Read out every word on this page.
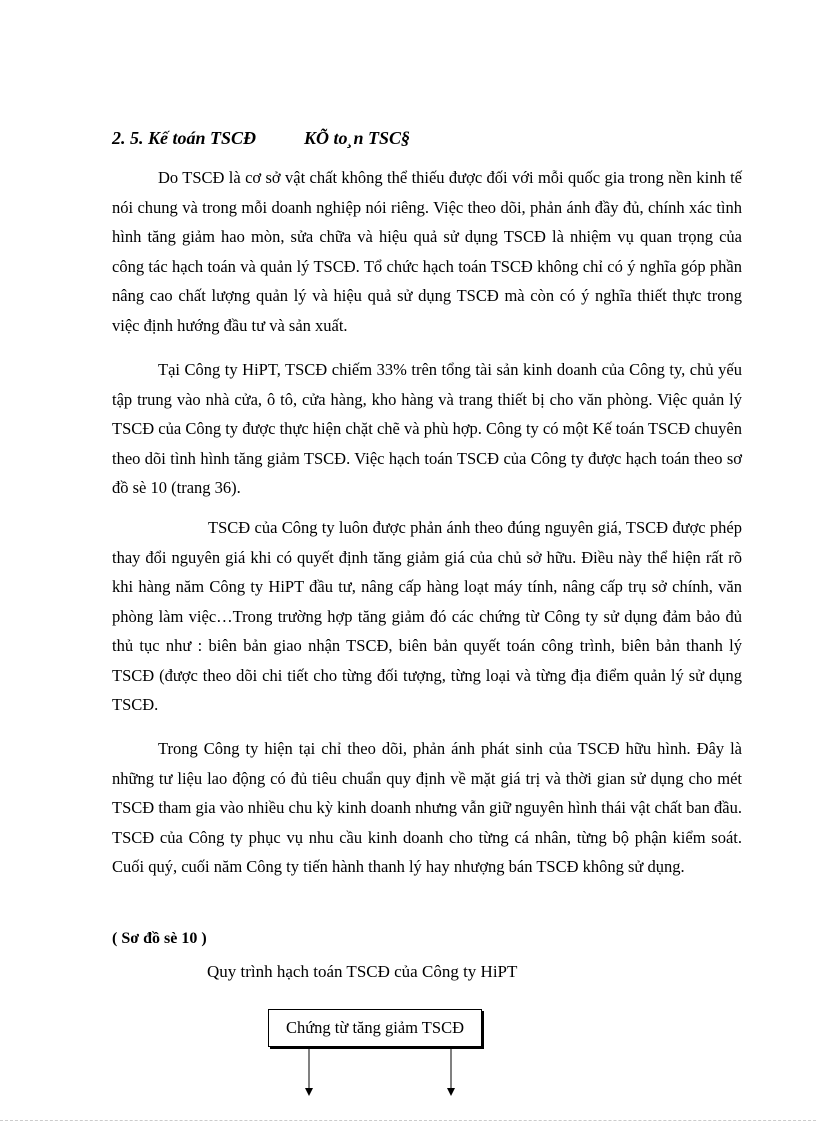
2. 5. Kế toán TSCĐ	KÕ to¸n TSC§

Do TSCĐ là cơ sở vật chất không thể thiếu được đối với mỗi quốc gia trong nền kinh tế nói chung và trong mỗi doanh nghiệp nói riêng. Việc theo dõi, phản ánh đầy đủ, chính xác tình hình tăng giảm hao mòn, sửa chữa và hiệu quả sử dụng TSCĐ là nhiệm vụ quan trọng của công tác hạch toán và quản lý TSCĐ. Tổ chức hạch toán TSCĐ không chỉ có ý nghĩa góp phần nâng cao chất lượng quản lý và hiệu quả sử dụng TSCĐ mà còn có ý nghĩa thiết thực trong việc định hướng đầu tư và sản xuất.

Tại Công ty HiPT, TSCĐ chiếm 33% trên tổng tài sản kinh doanh của Công ty, chủ yếu tập trung vào nhà cửa, ô tô, cửa hàng, kho hàng và trang thiết bị cho văn phòng. Việc quản lý TSCĐ của Công ty được thực hiện chặt chẽ và phù hợp. Công ty có một Kế toán TSCĐ chuyên theo dõi tình hình tăng giảm TSCĐ. Việc hạch toán TSCĐ của Công ty được hạch toán theo sơ đồ sè 10 (trang 36).

TSCĐ của Công ty luôn được phản ánh theo đúng nguyên giá, TSCĐ được phép thay đổi nguyên giá khi có quyết định tăng giảm giá của chủ sở hữu. Điều này thể hiện rất rõ khi hàng năm Công ty HiPT đầu tư, nâng cấp hàng loạt máy tính, nâng cấp trụ sở chính, văn phòng làm việc…Trong trường hợp tăng giảm đó các chứng từ Công ty sử dụng đảm bảo đủ thủ tục như : biên bản giao nhận TSCĐ, biên bản quyết toán công trình, biên bản thanh lý TSCĐ (được theo dõi chi tiết cho từng đối tượng, từng loại và từng địa điểm quản lý sử dụng TSCĐ.

Trong Công ty hiện tại chỉ theo dõi, phản ánh phát sinh của TSCĐ hữu hình. Đây là những tư liệu lao động có đủ tiêu chuẩn quy định về mặt giá trị và thời gian sử dụng cho mét TSCĐ tham gia vào nhiều chu kỳ kinh doanh nhưng vẫn giữ nguyên hình thái vật chất ban đầu. TSCĐ của Công ty phục vụ nhu cầu kinh doanh cho từng cá nhân, từng bộ phận kiểm soát. Cuối quý, cuối năm Công ty tiến hành thanh lý hay nhượng bán TSCĐ không sử dụng.

( Sơ đồ sè 10 )
Quy trình hạch toán TSCĐ của Công ty HiPT
Chứng từ tăng giảm TSCĐ
